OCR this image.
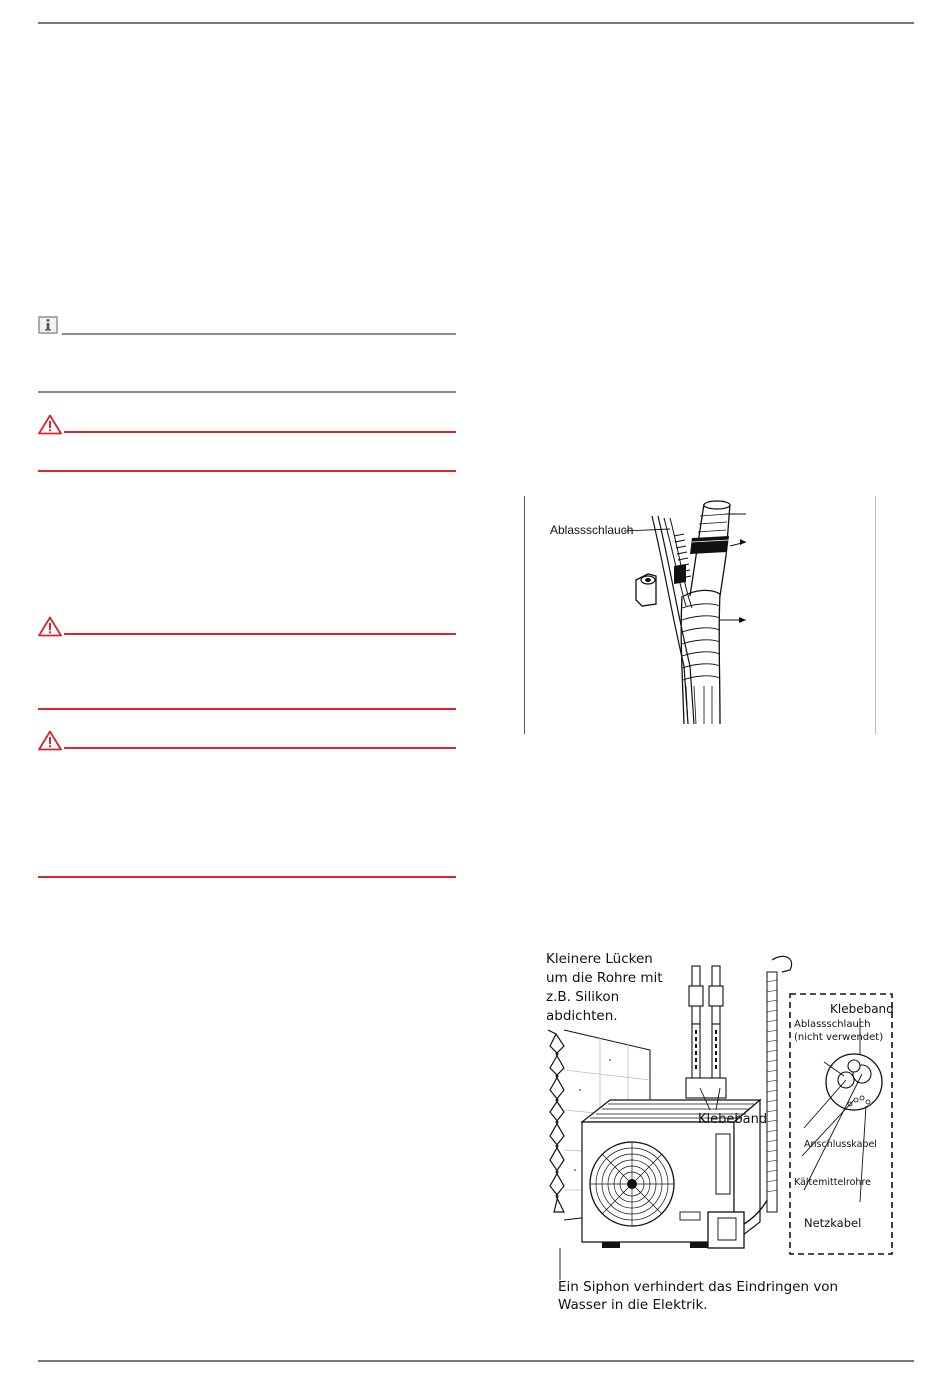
Ablassschlauch
Kleinere Lücken
um die Rohre mit
z.B. Silikon
abdichten.
Klebeband
Klebeband
Ablassschlauch
(nicht verwendet)
Anschlusskabel
Kältemittelrohre
Netzkabel
Ein Siphon verhindert das Eindringen von
Wasser in die Elektrik.
